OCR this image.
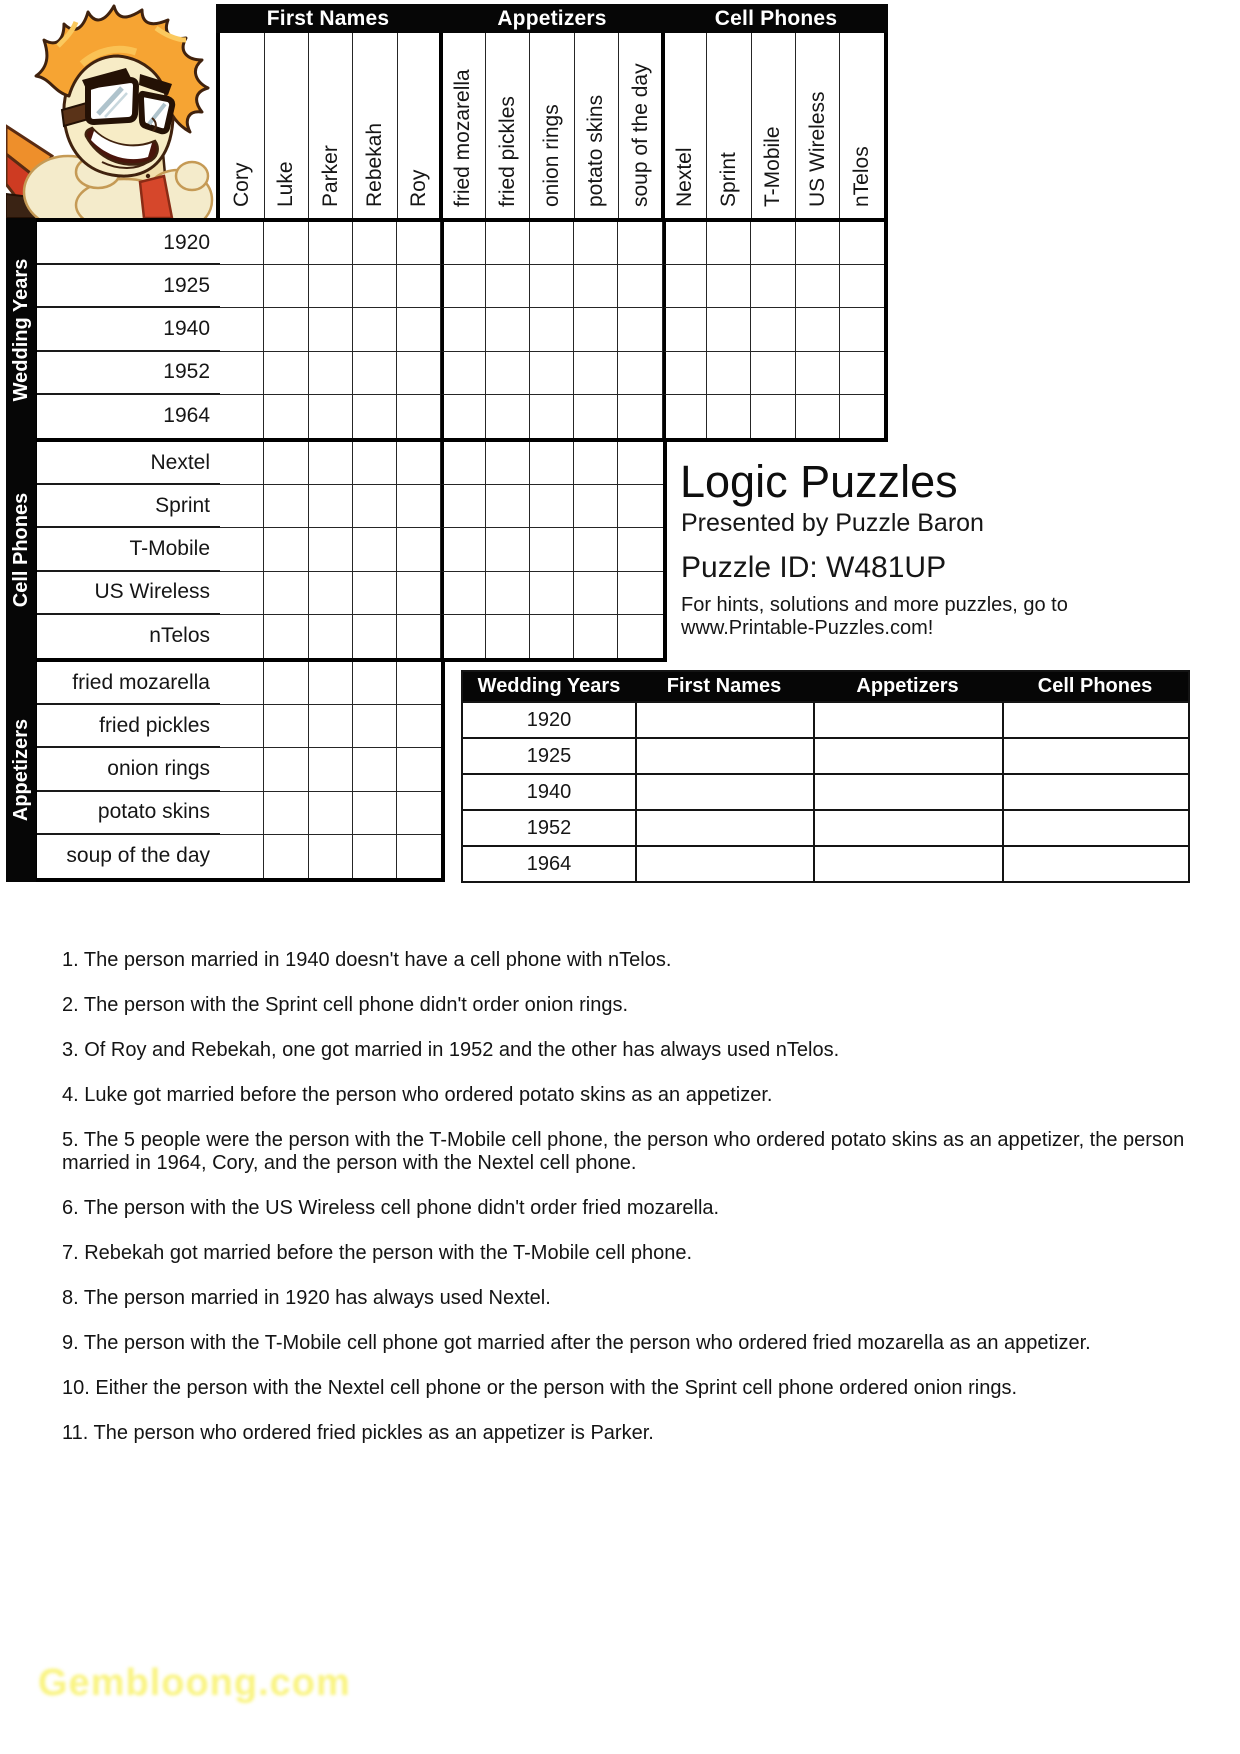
First Names	Appetizers	Cell Phones
Cory Luke Parker Rebekah Roy fried mozarella fried pickles onion rings potato skins soup of the day Nextel Sprint T-Mobile US Wireless nTelos
1920
1925
1940
1952
1964
Wedding Years
Nextel
Sprint
T-Mobile
US Wireless
nTelos
Cell Phones
fried mozarella
fried pickles
onion rings
potato skins
soup of the day
Appetizers
Logic Puzzles
Presented by Puzzle Baron
Puzzle ID: W481UP
For hints, solutions and more puzzles, go to
www.Printable-Puzzles.com!
Wedding Years	First Names	Appetizers	Cell Phones
1920
1925
1940
1952
1964
1. The person married in 1940 doesn't have a cell phone with nTelos.
2. The person with the Sprint cell phone didn't order onion rings.
3. Of Roy and Rebekah, one got married in 1952 and the other has always used nTelos.
4. Luke got married before the person who ordered potato skins as an appetizer.
5. The 5 people were the person with the T-Mobile cell phone, the person who ordered potato skins as an appetizer, the person married in 1964, Cory, and the person with the Nextel cell phone.
6. The person with the US Wireless cell phone didn't order fried mozarella.
7. Rebekah got married before the person with the T-Mobile cell phone.
8. The person married in 1920 has always used Nextel.
9. The person with the T-Mobile cell phone got married after the person who ordered fried mozarella as an appetizer.
10. Either the person with the Nextel cell phone or the person with the Sprint cell phone ordered onion rings.
11. The person who ordered fried pickles as an appetizer is Parker.
Gembloong.com
